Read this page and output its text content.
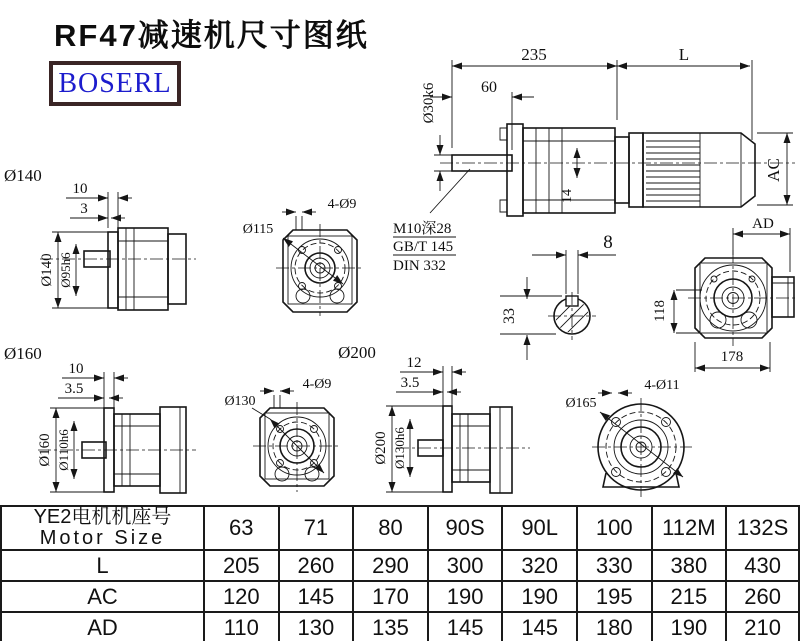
235	L
60
Ø30k6
14
AC
AD
M10深28
GB/T 145
DIN 332
Ø140
10
3
Ø140 Ø95h6
4-Ø9
Ø115
8
33	118
178
Ø160
10
3.5
Ø160 Ø110h6
Ø200
4-Ø9
Ø130
12
3.5
Ø200 Ø130h6
Ø165
4-Ø11
RF47减速机尺寸图纸
BOSERL
YE2电机机座号
Motor Size	63	71	80	90S	90L	100	112M	132S
L	205	260	290	300	320	330	380	430
AC	120	145	170	190	190	195	215	260
AD	110	130	135	145	145	180	190	210
